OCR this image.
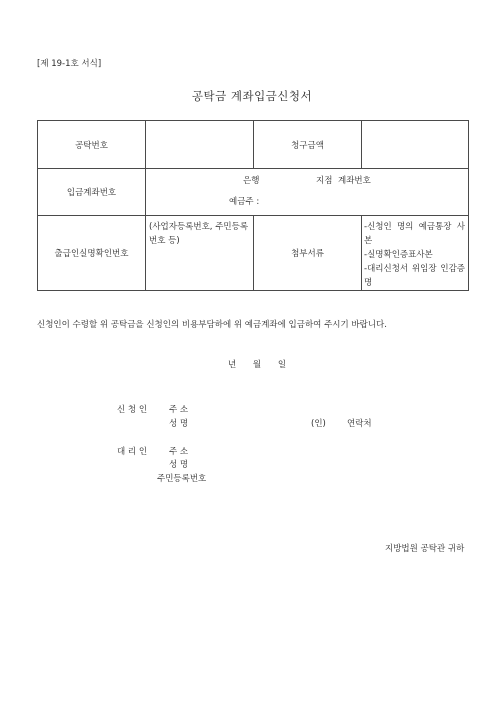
[제 19-1호 서식]
공탁금 계좌입금신청서
공탁번호		청구금액	
입금계좌번호	은행 지점 계좌번호
예금주 :		

출급인실명확인번호	(사업자등록번호, 주민등록번호 등)	첨부서류	-신청인 명의 예금통장 사본
-실명확인증표사본
-대리신청서 위임장 인감증명
신청인이 수령할 위 공탁금을 신청인의 비용부담하에 위 예금계좌에 입금하여 주시기 바랍니다.
년 월 일
신 청 인	주 소
성 명	(인) 연락처
대 리 인	주 소
성 명
주민등록번호
지방법원 공탁관 귀하
